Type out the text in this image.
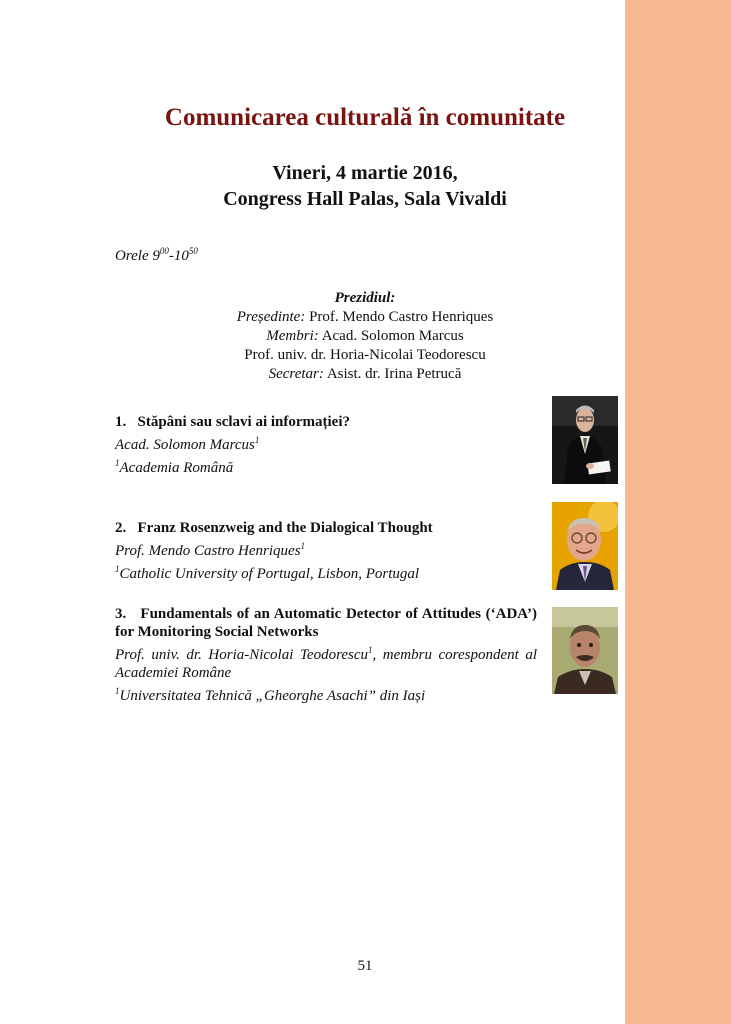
Comunicarea culturală în comunitate
Vineri, 4 martie 2016,
Congress Hall Palas, Sala Vivaldi
Orele $9^{00}-10^{50}$
Prezidiul:
Președinte: Prof. Mendo Castro Henriques
Membri: Acad. Solomon Marcus
Prof. univ. dr. Horia-Nicolai Teodorescu
Secretar: Asist. dr. Irina Petrucă
1. Stăpâni sau sclavi ai informației?
Acad. Solomon Marcus$^1$
$^1$Academia Română
2. Franz Rosenzweig and the Dialogical Thought
Prof. Mendo Castro Henriques$^1$
$^1$Catholic University of Portugal, Lisbon, Portugal
3. Fundamentals of an Automatic Detector of Attitudes (‘ADA’) for Monitoring Social Networks
Prof. univ. dr. Horia-Nicolai Teodorescu$^1$, membru corespondent al Academiei Române
$^1$Universitatea Tehnică „Gheorghe Asachi” din Iași
51
